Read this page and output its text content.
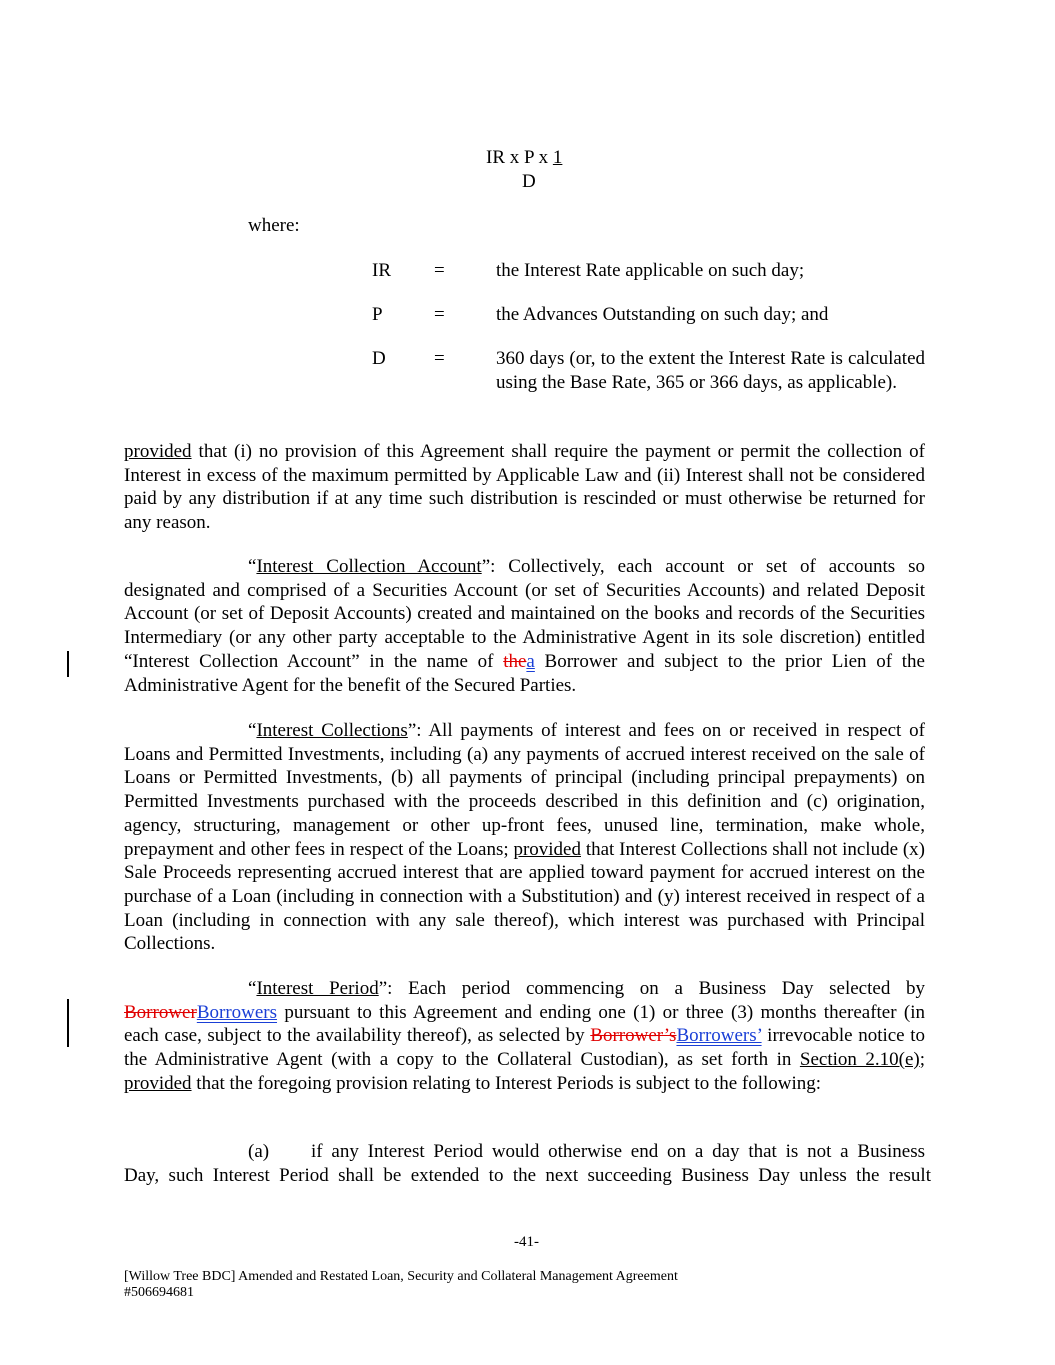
IR x P x 1
D
where:
IR =	the Interest Rate applicable on such day;
P	=	the Advances Outstanding on such day; and
D	=	360 days (or, to the extent the Interest Rate is calculated using the Base Rate, 365 or 366 days, as applicable).
provided that (i) no provision of this Agreement shall require the payment or permit the collection of Interest in excess of the maximum permitted by Applicable Law and (ii) Interest shall not be considered paid by any distribution if at any time such distribution is rescinded or must otherwise be returned for any reason.
“Interest Collection Account”: Collectively, each account or set of accounts so designated and comprised of a Securities Account (or set of Securities Accounts) and related Deposit Account (or set of Deposit Accounts) created and maintained on the books and records of the Securities Intermediary (or any other party acceptable to the Administrative Agent in its sole discretion) entitled “Interest Collection Account” in the name of thea Borrower and subject to the prior Lien of the Administrative Agent for the benefit of the Secured Parties.
“Interest Collections”: All payments of interest and fees on or received in respect of Loans and Permitted Investments, including (a) any payments of accrued interest received on the sale of Loans or Permitted Investments, (b) all payments of principal (including principal prepayments) on Permitted Investments purchased with the proceeds described in this definition and (c) origination, agency, structuring, management or other up-front fees, unused line, termination, make whole, prepayment and other fees in respect of the Loans; provided that Interest Collections shall not include (x) Sale Proceeds representing accrued interest that are applied toward payment for accrued interest on the purchase of a Loan (including in connection with a Substitution) and (y) interest received in respect of a Loan (including in connection with any sale thereof), which interest was purchased with Principal Collections.
“Interest Period”: Each period commencing on a Business Day selected by BorrowerBorrowers pursuant to this Agreement and ending one (1) or three (3) months thereafter (in each case, subject to the availability thereof), as selected by Borrower’sBorrowers’ irrevocable notice to the Administrative Agent (with a copy to the Collateral Custodian), as set forth in Section 2.10(e); provided that the foregoing provision relating to Interest Periods is subject to the following:
(a) if any Interest Period would otherwise end on a day that is not a Business
Day, such Interest Period shall be extended to the next succeeding Business Day unless the result
-41-
[Willow Tree BDC] Amended and Restated Loan, Security and Collateral Management Agreement
#506694681
